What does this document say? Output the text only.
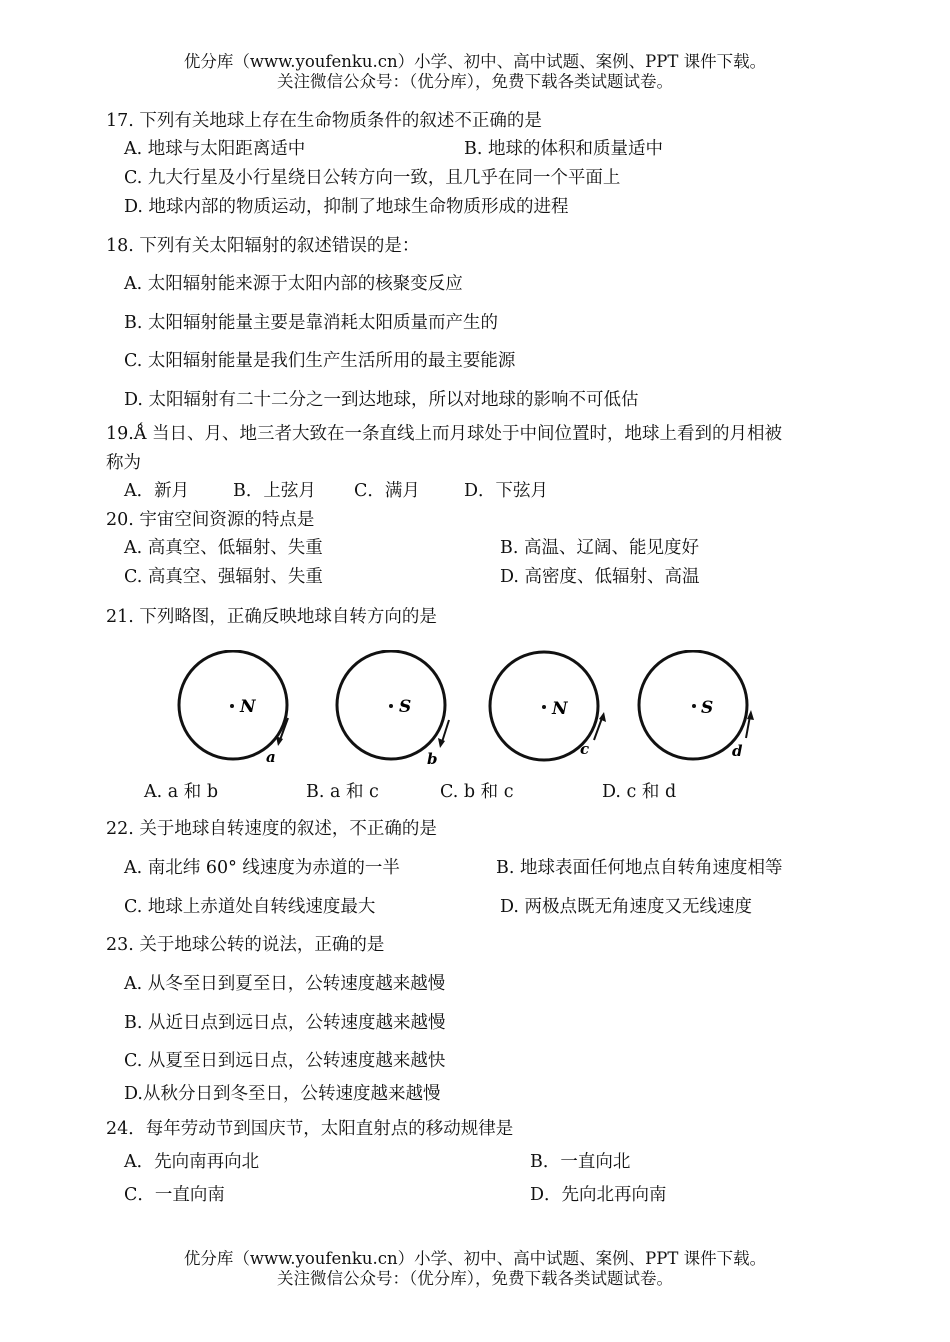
优分库（www.youfenku.cn）小学、初中、高中试题、案例、PPT 课件下载。
关注微信公众号：（优分库），免费下载各类试题试卷。
17. 下列有关地球上存在生命物质条件的叙述不正确的是
A. 地球与太阳距离适中	B. 地球的体积和质量适中
C. 九大行星及小行星绕日公转方向一致，且几乎在同一个平面上
D. 地球内部的物质运动，抑制了地球生命物质形成的进程
18. 下列有关太阳辐射的叙述错误的是：
A. 太阳辐射能来源于太阳内部的核聚变反应
B. 太阳辐射能量主要是靠消耗太阳质量而产生的
C. 太阳辐射能量是我们生产生活所用的最主要能源
D. 太阳辐射有二十二分之一到达地球，所以对地球的影响不可低估
19.Ǻ 当日、月、地三者大致在一条直线上而月球处于中间位置时，地球上看到的月相被
称为
A．新月	B．上弦月 C．满月	D．下弦月
20. 宇宙空间资源的特点是
A. 高真空、低辐射、失重	B. 高温、辽阔、能见度好
C. 高真空、强辐射、失重	D. 高密度、低辐射、高温
21. 下列略图，正确反映地球自转方向的是
N
a
S
b
N
c
S
d
A. a 和 b	B. a 和 c	C. b 和 c	D. c 和 d
22. 关于地球自转速度的叙述，不正确的是
A. 南北纬 60° 线速度为赤道的一半	B. 地球表面任何地点自转角速度相等
C. 地球上赤道处自转线速度最大	D. 两极点既无角速度又无线速度
23. 关于地球公转的说法，正确的是
A. 从冬至日到夏至日，公转速度越来越慢
B. 从近日点到远日点，公转速度越来越慢
C. 从夏至日到远日点，公转速度越来越快
D.从秋分日到冬至日，公转速度越来越慢
24．每年劳动节到国庆节，太阳直射点的移动规律是
A．先向南再向北	B．一直向北
C．一直向南	D．先向北再向南
优分库（www.youfenku.cn）小学、初中、高中试题、案例、PPT 课件下载。
关注微信公众号：（优分库），免费下载各类试题试卷。
